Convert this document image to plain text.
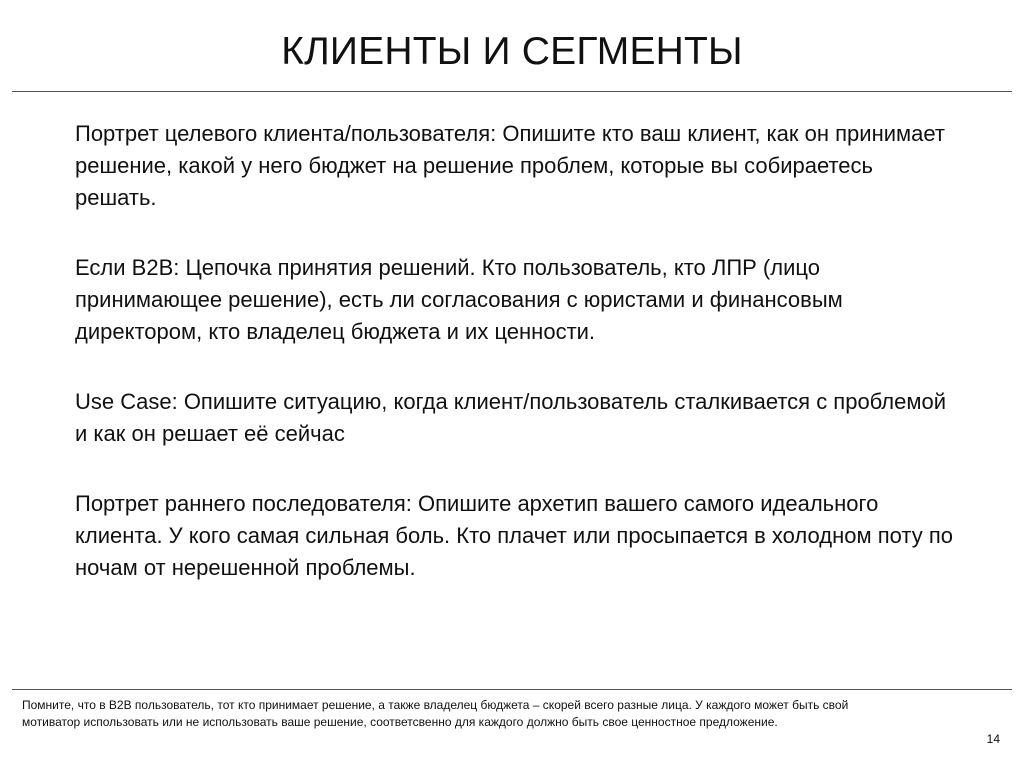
КЛИЕНТЫ И СЕГМЕНТЫ

Портрет целевого клиента/пользователя: Опишите кто ваш клиент, как он принимает решение, какой у него бюджет на решение проблем, которые вы собираетесь решать.

Если B2B: Цепочка принятия решений. Кто пользователь, кто ЛПР (лицо принимающее решение), есть ли согласования с юристами и финансовым директором, кто владелец бюджета и их ценности.

Use Case: Опишите ситуацию, когда клиент/пользователь сталкивается с проблемой и как он решает её сейчас

Портрет раннего последователя: Опишите архетип вашего самого идеального клиента. У кого самая сильная боль. Кто плачет или просыпается в холодном поту по ночам от нерешенной проблемы.

Помните, что в B2B пользователь, тот кто принимает решение, а также владелец бюджета – скорей всего разные лица. У каждого может быть свой мотиватор использовать или не использовать ваше решение, соответсвенно для каждого должно быть свое ценностное предложение.
14
